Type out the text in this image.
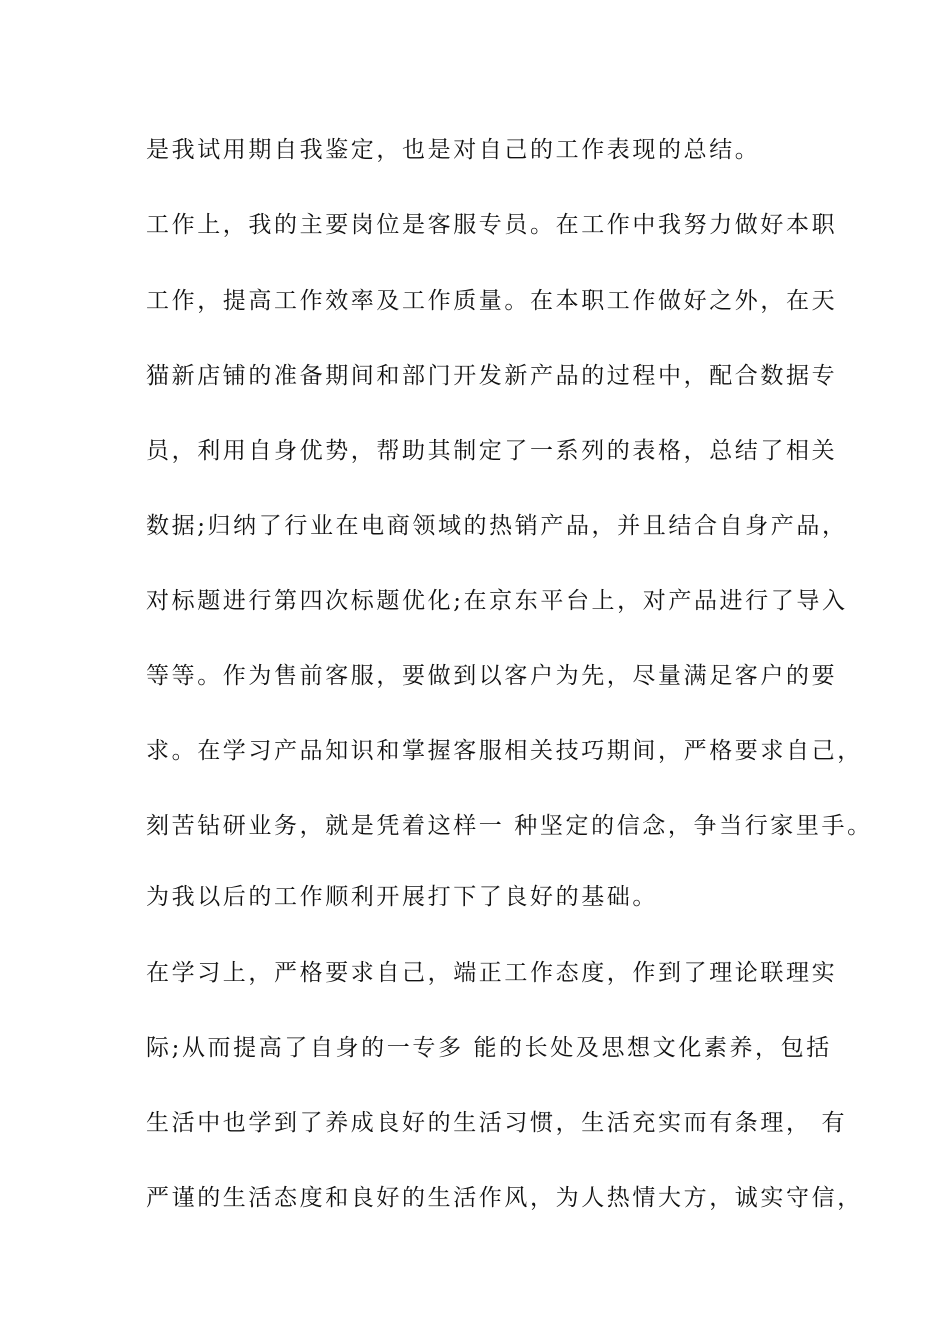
是我试用期自我鉴定，也是对自己的工作表现的总结。
工作上，我的主要岗位是客服专员。在工作中我努力做好本职
工作，提高工作效率及工作质量。在本职工作做好之外，在天
猫新店铺的准备期间和部门开发新产品的过程中，配合数据专
员，利用自身优势，帮助其制定了一系列的表格，总结了相关
数据;归纳了行业在电商领域的热销产品，并且结合自身产品，
对标题进行第四次标题优化;在京东平台上，对产品进行了导入
等等。作为售前客服，要做到以客户为先，尽量满足客户的要
求。在学习产品知识和掌握客服相关技巧期间，严格要求自己，
刻苦钻研业务，就是凭着这样一 种坚定的信念，争当行家里手。
为我以后的工作顺利开展打下了良好的基础。
在学习上，严格要求自己，端正工作态度，作到了理论联理实
际;从而提高了自身的一专多 能的长处及思想文化素养，包括
生活中也学到了养成良好的生活习惯，生活充实而有条理， 有
严谨的生活态度和良好的生活作风，为人热情大方，诚实守信，
